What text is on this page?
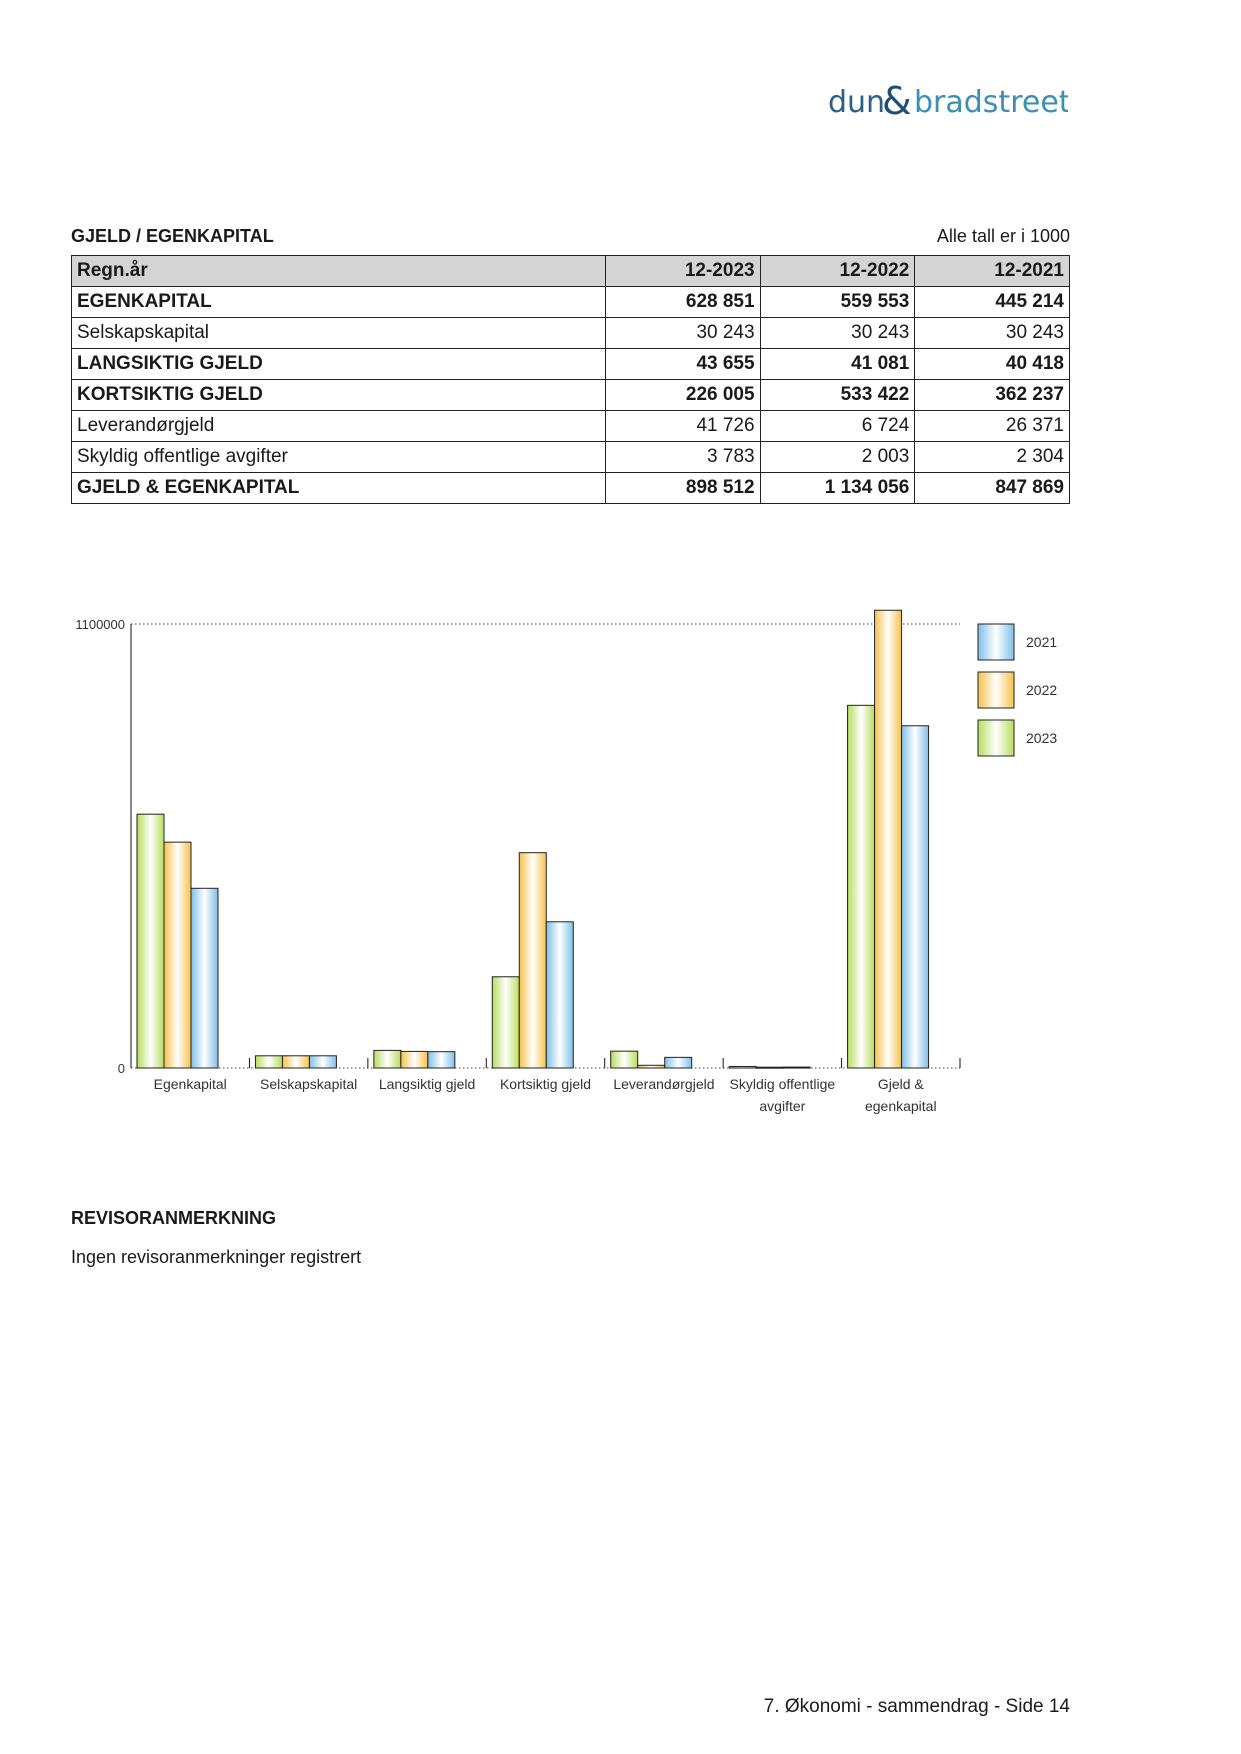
dun
& bradstreet
GJELD / EGENKAPITAL	Alle tall er i 1000
Regn.år	12-2023	12-2022	12-2021
EGENKAPITAL	628 851	559 553	445 214
Selskapskapital	30 243	30 243	30 243
LANGSIKTIG GJELD	43 655	41 081	40 418
KORTSIKTIG GJELD	226 005	533 422	362 237
Leverandørgjeld	41 726	6 724	26 371
Skyldig offentlige avgifter	3 783	2 003	2 304
GJELD & EGENKAPITAL	898 512	1 134 056	847 869
0
1100000
Egenkapital Selskapskapital Langsiktig gjeld Kortsiktig gjeld Leverandørgjeld Skyldig offentlige
avgifter
Gjeld &
egenkapital
2021
2022
2023
REVISORANMERKNING
Ingen revisoranmerkninger registrert
7. Økonomi - sammendrag - Side 14
